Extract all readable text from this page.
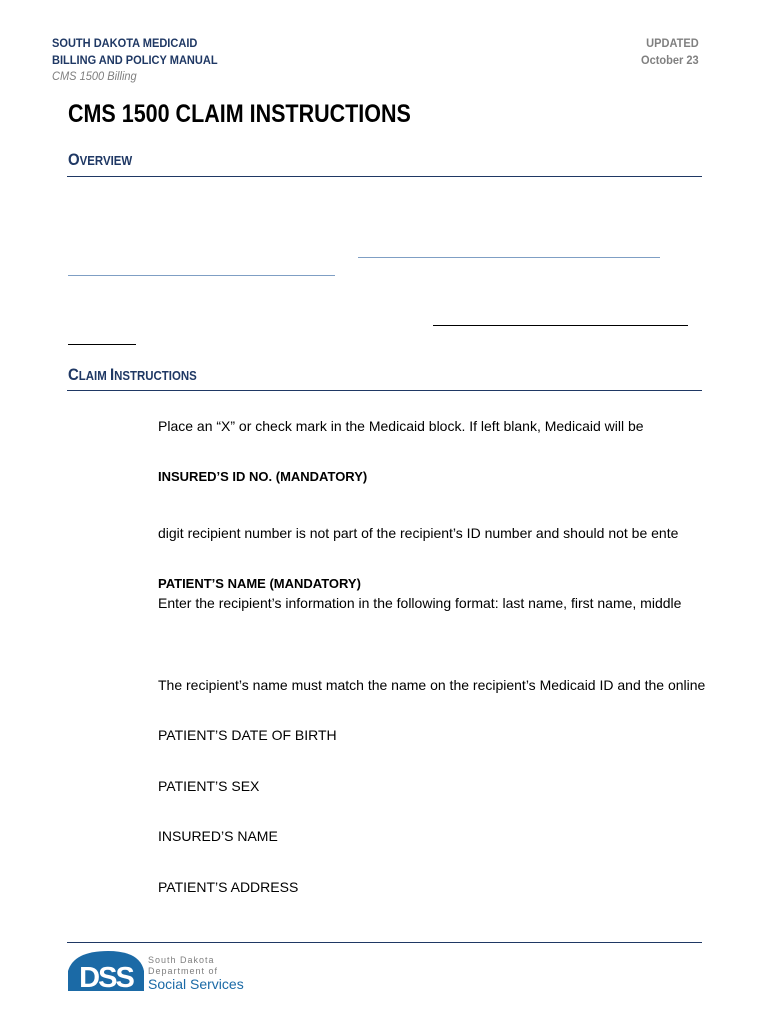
SOUTH DAKOTA MEDICAID
BILLING AND POLICY MANUAL
CMS 1500 Billing
UPDATED
October 23
CMS 1500 CLAIM INSTRUCTIONS
OVERVIEW
CLAIM INSTRUCTIONS
Place an “X” or check mark in the Medicaid block. If left blank, Medicaid will be
INSURED’S ID NO. (MANDATORY)
digit recipient number is not part of the recipient’s ID number and should not be ente
PATIENT’S NAME (MANDATORY)
Enter the recipient’s information in the following format: last name, first name, middle
The recipient’s name must match the name on the recipient’s Medicaid ID and the online
PATIENT’S DATE OF BIRTH
PATIENT’S SEX
INSURED’S NAME
PATIENT’S ADDRESS
DSS
South Dakota
Department of
Social Services
